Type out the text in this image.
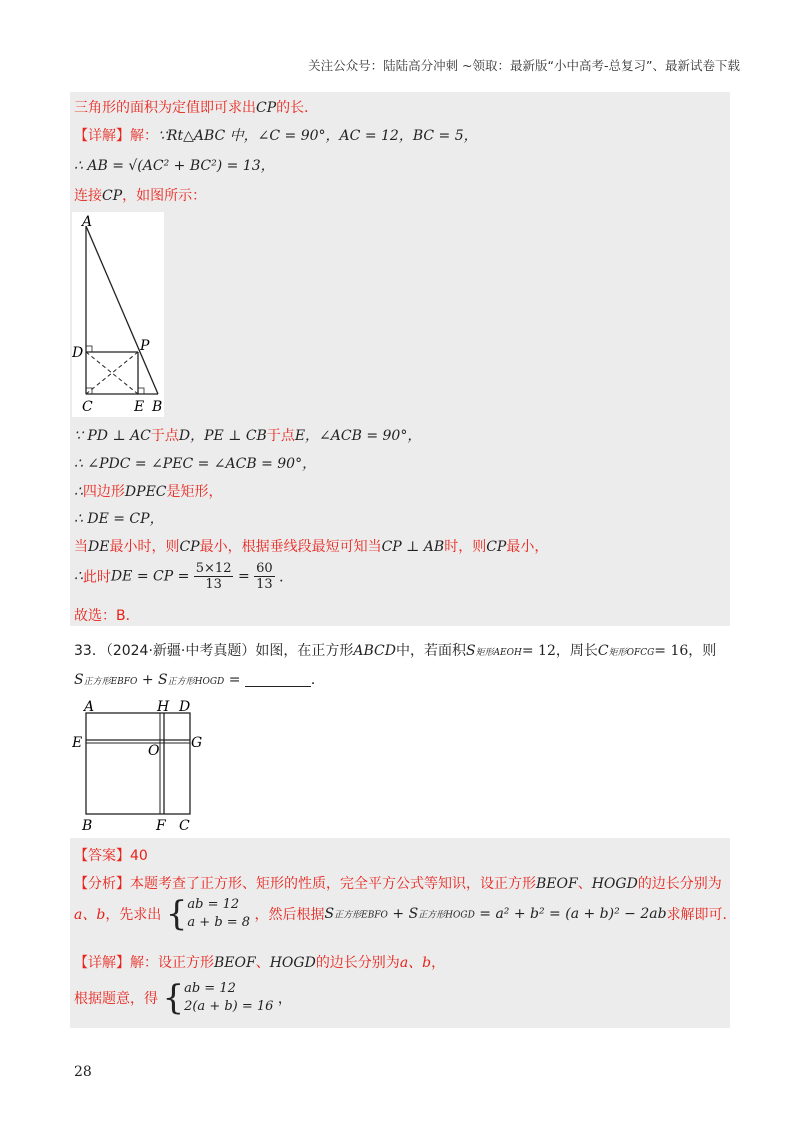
关注公众号：陆陆高分冲刺 ~领取：最新版“小中高考-总复习”、最新试卷下载
三角形的面积为定值即可求出CP的长．
【详解】解：∵Rt△ABC 中，∠C = 90°，AC = 12，BC = 5，
∴ AB = √(AC² + BC²) = 13，
连接CP，如图所示：
A
D	P
C	E B
∵ PD ⊥ AC于点D，PE ⊥ CB于点E，∠ACB = 90°，
∴ ∠PDC = ∠PEC = ∠ACB = 90°，
∴四边形DPEC是矩形，
∴ DE = CP，
当DE最小时，则CP最小，根据垂线段最短可知当CP ⊥ AB时，则CP最小，
∴此时DE = CP = $\frac{5\times 12}{13} = \frac{60}{13}$ ．
故选：B．
33．（2024·新疆·中考真题）如图，在正方形ABCD中，若面积S矩形AEOH= 12，周长C矩形OFCG= 16，则
S正方形EBFO + S正方形HOGD =	．
A	H D
E	O G
B	F C
【答案】40
【分析】本题考查了正方形、矩形的性质，完全平方公式等知识，设正方形BEOF、HOGD的边长分别为
a、b，先求出 { ab = 12
a + b = 8 ，然后根据S正方形EBFO + S正方形HOGD = a² + b² = (a + b)² − 2ab求解即可．
【详解】解：设正方形BEOF、HOGD的边长分别为a、b，
根据题意，得 { ab = 12
2(a + b) = 16 ，
28
